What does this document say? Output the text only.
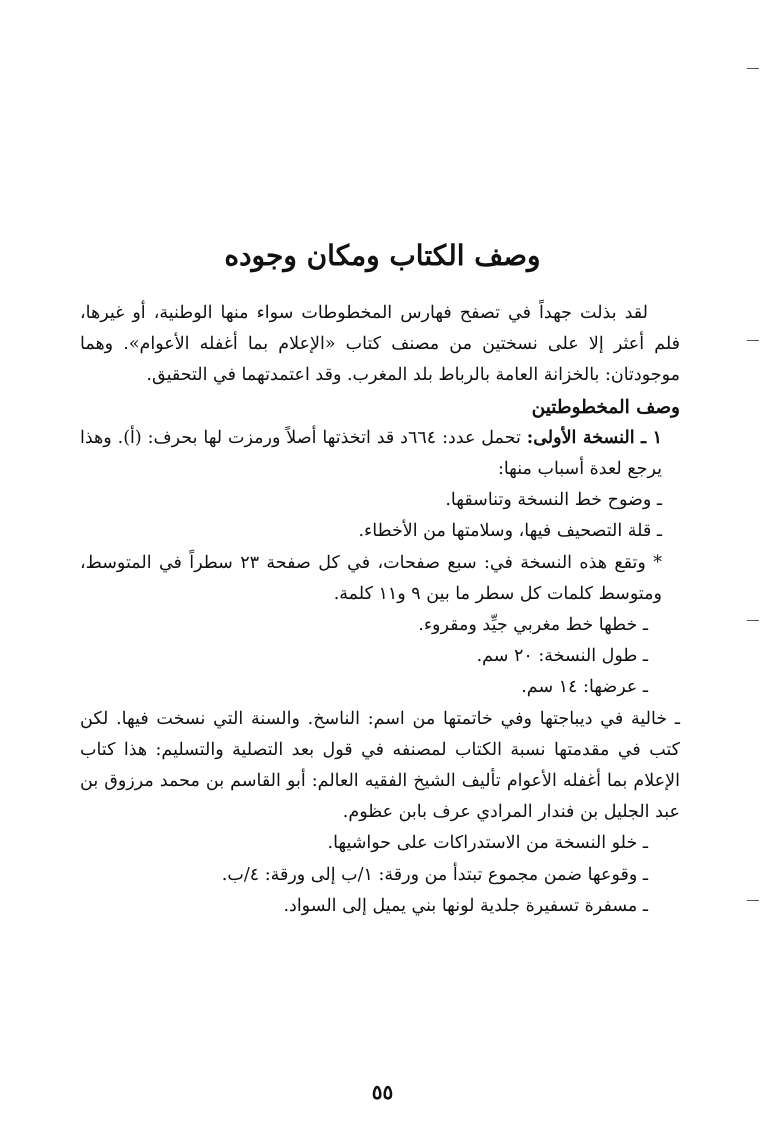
وصف الكتاب ومكان وجوده

لقد بذلت جهداً في تصفح فهارس المخطوطات سواء منها الوطنية، أو غيرها، فلم أعثر إلا على نسختين من مصنف كتاب «الإعلام بما أغفله الأعوام». وهما موجودتان: بالخزانة العامة بالرباط بلد المغرب. وقد اعتمدتهما في التحقيق.

وصف المخطوطتين

١ ـ النسخة الأولى: تحمل عدد: ٦٦٤د قد اتخذتها أصلاً ورمزت لها بحرف: (أ). وهذا يرجع لعدة أسباب منها:

ـ وضوح خط النسخة وتناسقها.

ـ قلة التصحيف فيها، وسلامتها من الأخطاء.

* وتقع هذه النسخة في: سبع صفحات، في كل صفحة ٢٣ سطراً في المتوسط، ومتوسط كلمات كل سطر ما بين ٩ و١١ كلمة.

ـ خطها خط مغربي جيِّد ومقروء.

ـ طول النسخة: ٢٠ سم.

ـ عرضها: ١٤ سم.

ـ خالية في ديباجتها وفي خاتمتها من اسم: الناسخ. والسنة التي نسخت فيها. لكن كتب في مقدمتها نسبة الكتاب لمصنفه في قول بعد التصلية والتسليم: هذا كتاب الإعلام بما أغفله الأعوام تأليف الشيخ الفقيه العالم: أبو القاسم بن محمد مرزوق بن عبد الجليل بن فندار المرادي عرف بابن عظوم.

ـ خلو النسخة من الاستدراكات على حواشيها.

ـ وقوعها ضمن مجموع تبتدأ من ورقة: ١/ب إلى ورقة: ٤/ب.

ـ مسفرة تسفيرة جلدية لونها بني يميل إلى السواد.

٥٥
